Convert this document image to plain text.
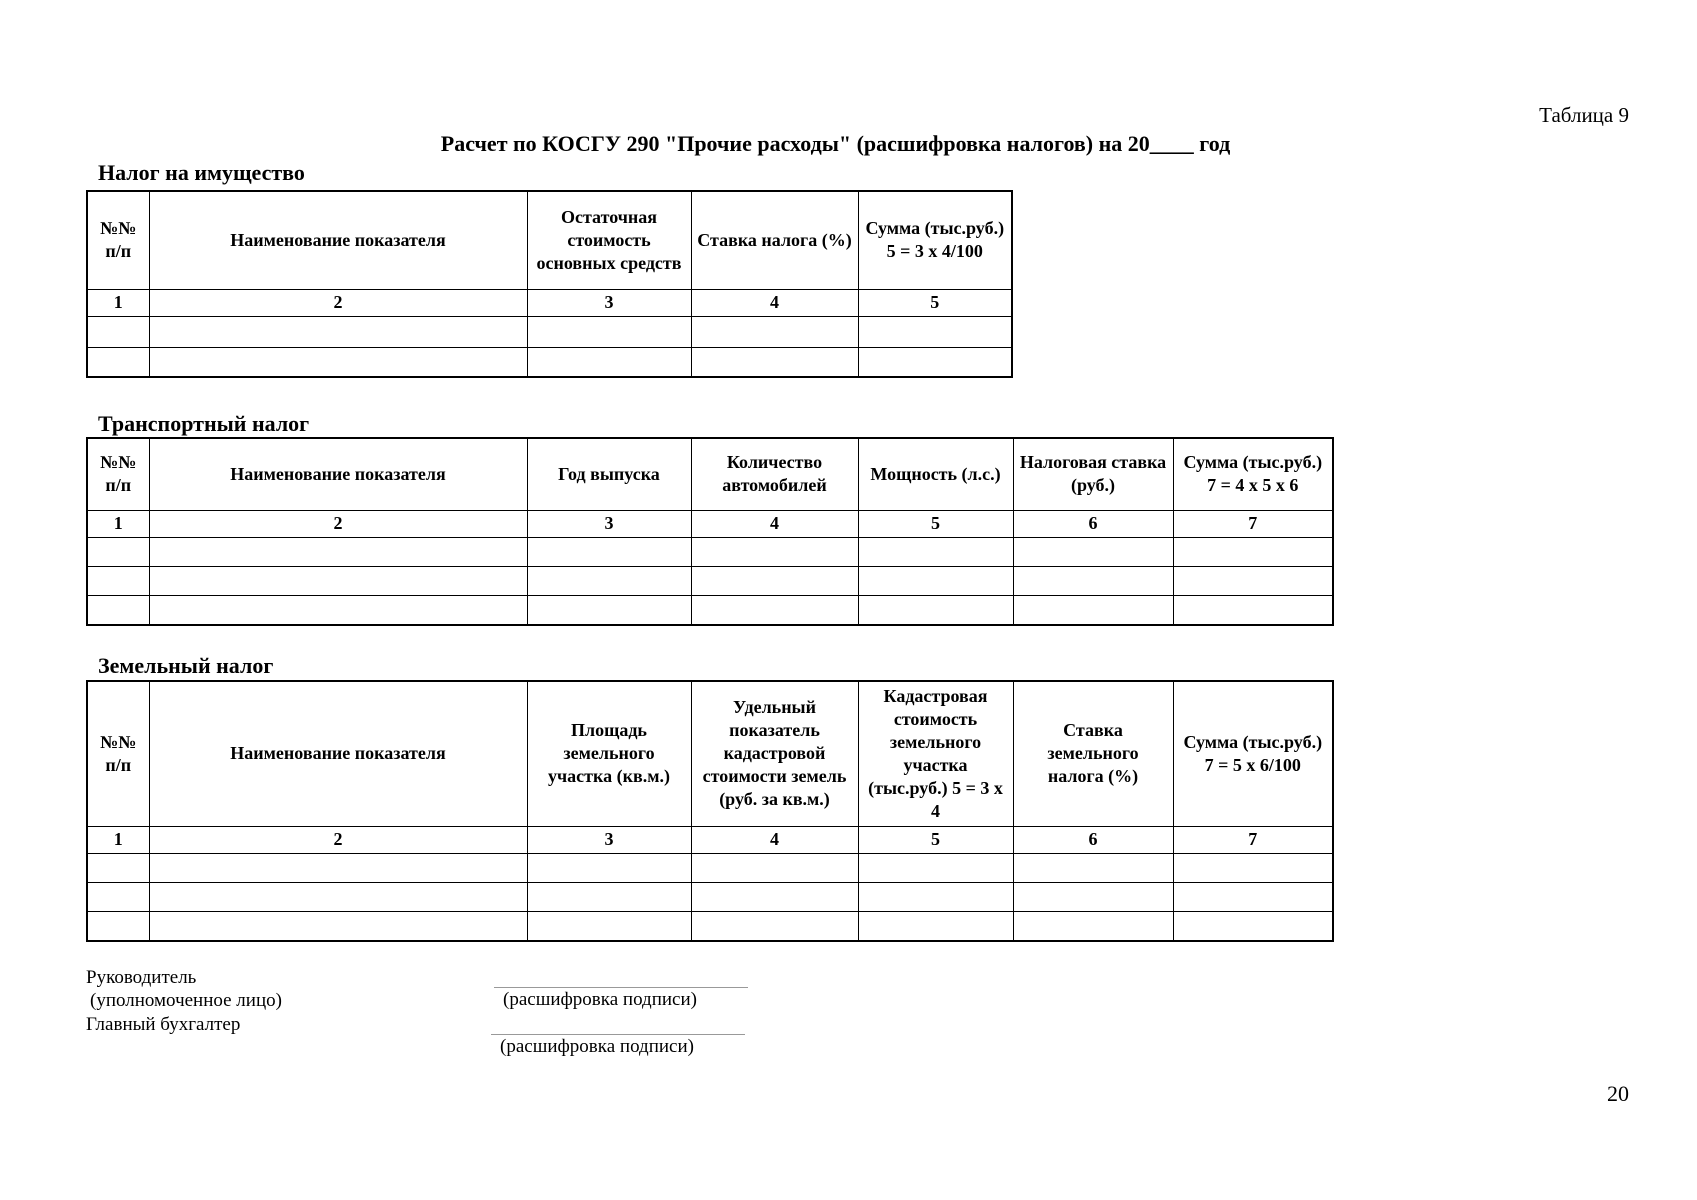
Таблица 9
Расчет по КОСГУ 290 "Прочие расходы" (расшифровка налогов) на 20____ год
Налог на имущество
№№ п/п	Наименование показателя	Остаточная стоимость основных средств	Ставка налога (%)	Сумма (тыс.руб.) 5 = 3 х 4/100
1	2	3	4	5

Транспортный налог
№№ п/п	Наименование показателя	Год выпуска	Количество автомобилей	Мощность (л.с.)	Налоговая ставка (руб.)	Сумма (тыс.руб.) 7 = 4 х 5 х 6
1	2	3	4	5	6	7

Земельный налог
№№ п/п	Наименование показателя	Площадь земельного участка (кв.м.)	Удельный показатель кадастровой стоимости земель (руб. за кв.м.)	Кадастровая стоимость земельного участка (тыс.руб.) 5 = 3 х 4	Ставка земельного налога (%)	Сумма (тыс.руб.) 7 = 5 х 6/100
1	2	3	4	5	6	7

Руководитель
(уполномоченное лицо)
Главный бухгалтер
(расшифровка подписи)
(расшифровка подписи)
20
